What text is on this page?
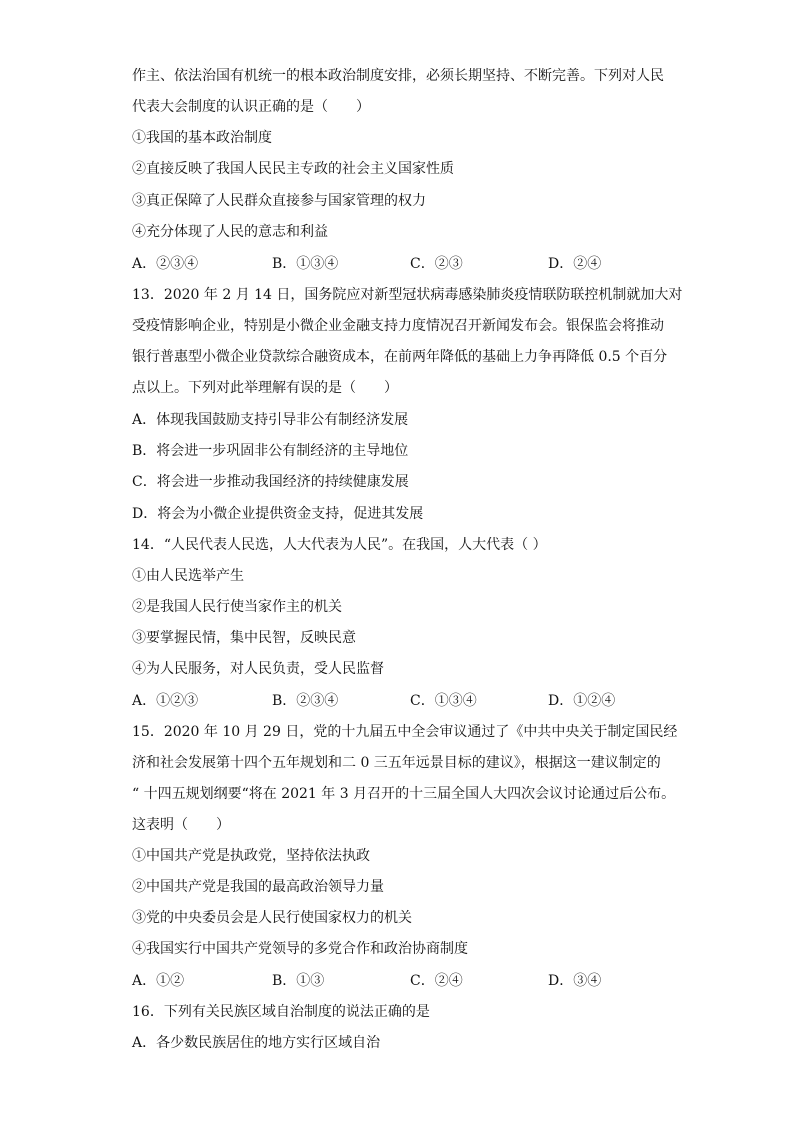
作主、依法治国有机统一的根本政治制度安排，必须长期坚持、不断完善。下列对人民
代表大会制度的认识正确的是（　　）
①我国的基本政治制度
②直接反映了我国人民民主专政的社会主义国家性质
③真正保障了人民群众直接参与国家管理的权力
④充分体现了人民的意志和利益
A．②③④	B．①③④	C．②③	D．②④
13．2020 年 2 月 14 日，国务院应对新型冠状病毒感染肺炎疫情联防联控机制就加大对
受疫情影响企业，特别是小微企业金融支持力度情况召开新闻发布会。银保监会将推动
银行普惠型小微企业贷款综合融资成本，在前两年降低的基础上力争再降低 0.5 个百分
点以上。下列对此举理解有误的是（　　）
A．体现我国鼓励支持引导非公有制经济发展
B．将会进一步巩固非公有制经济的主导地位
C．将会进一步推动我国经济的持续健康发展
D．将会为小微企业提供资金支持，促进其发展
14．“人民代表人民选，人大代表为人民”。在我国，人大代表（ ）
①由人民选举产生
②是我国人民行使当家作主的机关
③要掌握民情，集中民智，反映民意
④为人民服务，对人民负责，受人民监督
A．①②③	B．②③④	C．①③④	D．①②④
15．2020 年 10 月 29 日，党的十九届五中全会审议通过了《中共中央关于制定国民经
济和社会发展第十四个五年规划和二 0 三五年远景目标的建议》，根据这一建议制定的
“ 十四五规划纲要“将在 2021 年 3 月召开的十三届全国人大四次会议讨论通过后公布。
这表明（　　）
①中国共产党是执政党，坚持依法执政
②中国共产党是我国的最高政治领导力量
③党的中央委员会是人民行使国家权力的机关
④我国实行中国共产党领导的多党合作和政治协商制度
A．①②	B．①③	C．②④	D．③④
16．下列有关民族区域自治制度的说法正确的是
A．各少数民族居住的地方实行区域自治
